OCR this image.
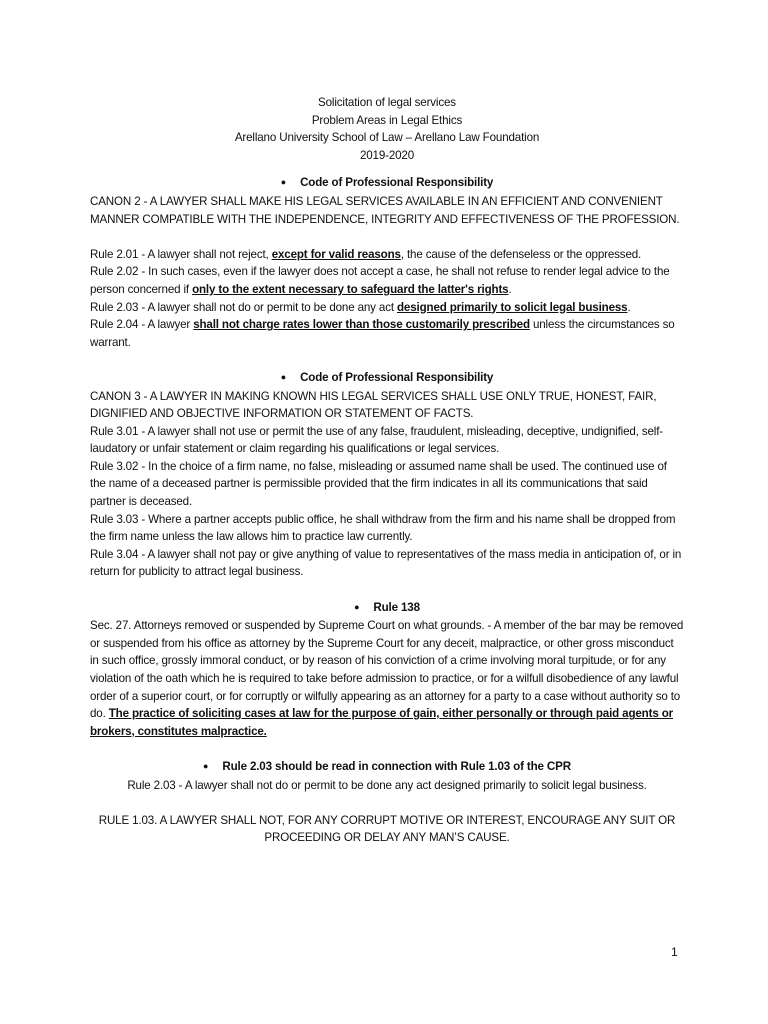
Solicitation of legal services

Problem Areas in Legal Ethics

Arellano University School of Law – Arellano Law Foundation

2019-2020

● Code of Professional Responsibility

CANON 2 - A LAWYER SHALL MAKE HIS LEGAL SERVICES AVAILABLE IN AN EFFICIENT AND CONVENIENT MANNER COMPATIBLE WITH THE INDEPENDENCE, INTEGRITY AND EFFECTIVENESS OF THE PROFESSION.

Rule 2.01 - A lawyer shall not reject, except for valid reasons, the cause of the defenseless or the oppressed.

Rule 2.02 - In such cases, even if the lawyer does not accept a case, he shall not refuse to render legal advice to the person concerned if only to the extent necessary to safeguard the latter's rights.

Rule 2.03 - A lawyer shall not do or permit to be done any act designed primarily to solicit legal business.

Rule 2.04 - A lawyer shall not charge rates lower than those customarily prescribed unless the circumstances so warrant.

● Code of Professional Responsibility

CANON 3 - A LAWYER IN MAKING KNOWN HIS LEGAL SERVICES SHALL USE ONLY TRUE, HONEST, FAIR, DIGNIFIED AND OBJECTIVE INFORMATION OR STATEMENT OF FACTS.

Rule 3.01 - A lawyer shall not use or permit the use of any false, fraudulent, misleading, deceptive, undignified, self-laudatory or unfair statement or claim regarding his qualifications or legal services.

Rule 3.02 - In the choice of a firm name, no false, misleading or assumed name shall be used. The continued use of the name of a deceased partner is permissible provided that the firm indicates in all its communications that said partner is deceased.

Rule 3.03 - Where a partner accepts public office, he shall withdraw from the firm and his name shall be dropped from the firm name unless the law allows him to practice law currently.

Rule 3.04 - A lawyer shall not pay or give anything of value to representatives of the mass media in anticipation of, or in return for publicity to attract legal business.

● Rule 138

Sec. 27. Attorneys removed or suspended by Supreme Court on what grounds. - A member of the bar may be removed or suspended from his office as attorney by the Supreme Court for any deceit, malpractice, or other gross misconduct in such office, grossly immoral conduct, or by reason of his conviction of a crime involving moral turpitude, or for any violation of the oath which he is required to take before admission to practice, or for a wilfull disobedience of any lawful order of a superior court, or for corruptly or wilfully appearing as an attorney for a party to a case without authority so to do. The practice of soliciting cases at law for the purpose of gain, either personally or through paid agents or brokers, constitutes malpractice.

● Rule 2.03 should be read in connection with Rule 1.03 of the CPR

Rule 2.03 - A lawyer shall not do or permit to be done any act designed primarily to solicit legal business.

RULE 1.03. A LAWYER SHALL NOT, FOR ANY CORRUPT MOTIVE OR INTEREST, ENCOURAGE ANY SUIT OR PROCEEDING OR DELAY ANY MAN’S CAUSE.

1
